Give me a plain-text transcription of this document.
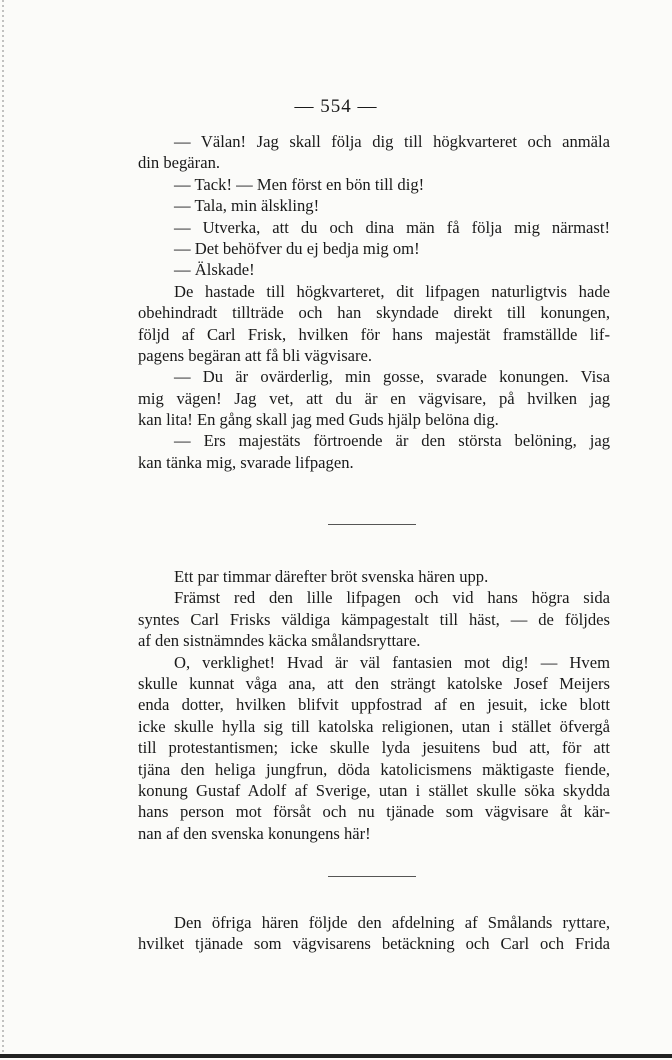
— 554 —
— Välan! Jag skall följa dig till högkvarteret och anmäla
din begäran.
— Tack! — Men först en bön till dig!
— Tala, min älskling!
— Utverka, att du och dina män få följa mig närmast!
— Det behöfver du ej bedja mig om!
— Älskade!
De hastade till högkvarteret, dit lifpagen naturligtvis hade
obehindradt tillträde och han skyndade direkt till konungen,
följd af Carl Frisk, hvilken för hans majestät framställde lif-
pagens begäran att få bli vägvisare.
— Du är ovärderlig, min gosse, svarade konungen. Visa
mig vägen! Jag vet, att du är en vägvisare, på hvilken jag
kan lita! En gång skall jag med Guds hjälp belöna dig.
— Ers majestäts förtroende är den största belöning, jag
kan tänka mig, svarade lifpagen.
Ett par timmar därefter bröt svenska hären upp.
Främst red den lille lifpagen och vid hans högra sida
syntes Carl Frisks väldiga kämpagestalt till häst, — de följdes
af den sistnämndes käcka smålandsryttare.
O, verklighet! Hvad är väl fantasien mot dig! — Hvem
skulle kunnat våga ana, att den strängt katolske Josef Meijers
enda dotter, hvilken blifvit uppfostrad af en jesuit, icke blott
icke skulle hylla sig till katolska religionen, utan i stället öfvergå
till protestantismen; icke skulle lyda jesuitens bud att, för att
tjäna den heliga jungfrun, döda katolicismens mäktigaste fiende,
konung Gustaf Adolf af Sverige, utan i stället skulle söka skydda
hans person mot försåt och nu tjänade som vägvisare åt kär-
nan af den svenska konungens här!
Den öfriga hären följde den afdelning af Smålands ryttare,
hvilket tjänade som vägvisarens betäckning och Carl och Frida
